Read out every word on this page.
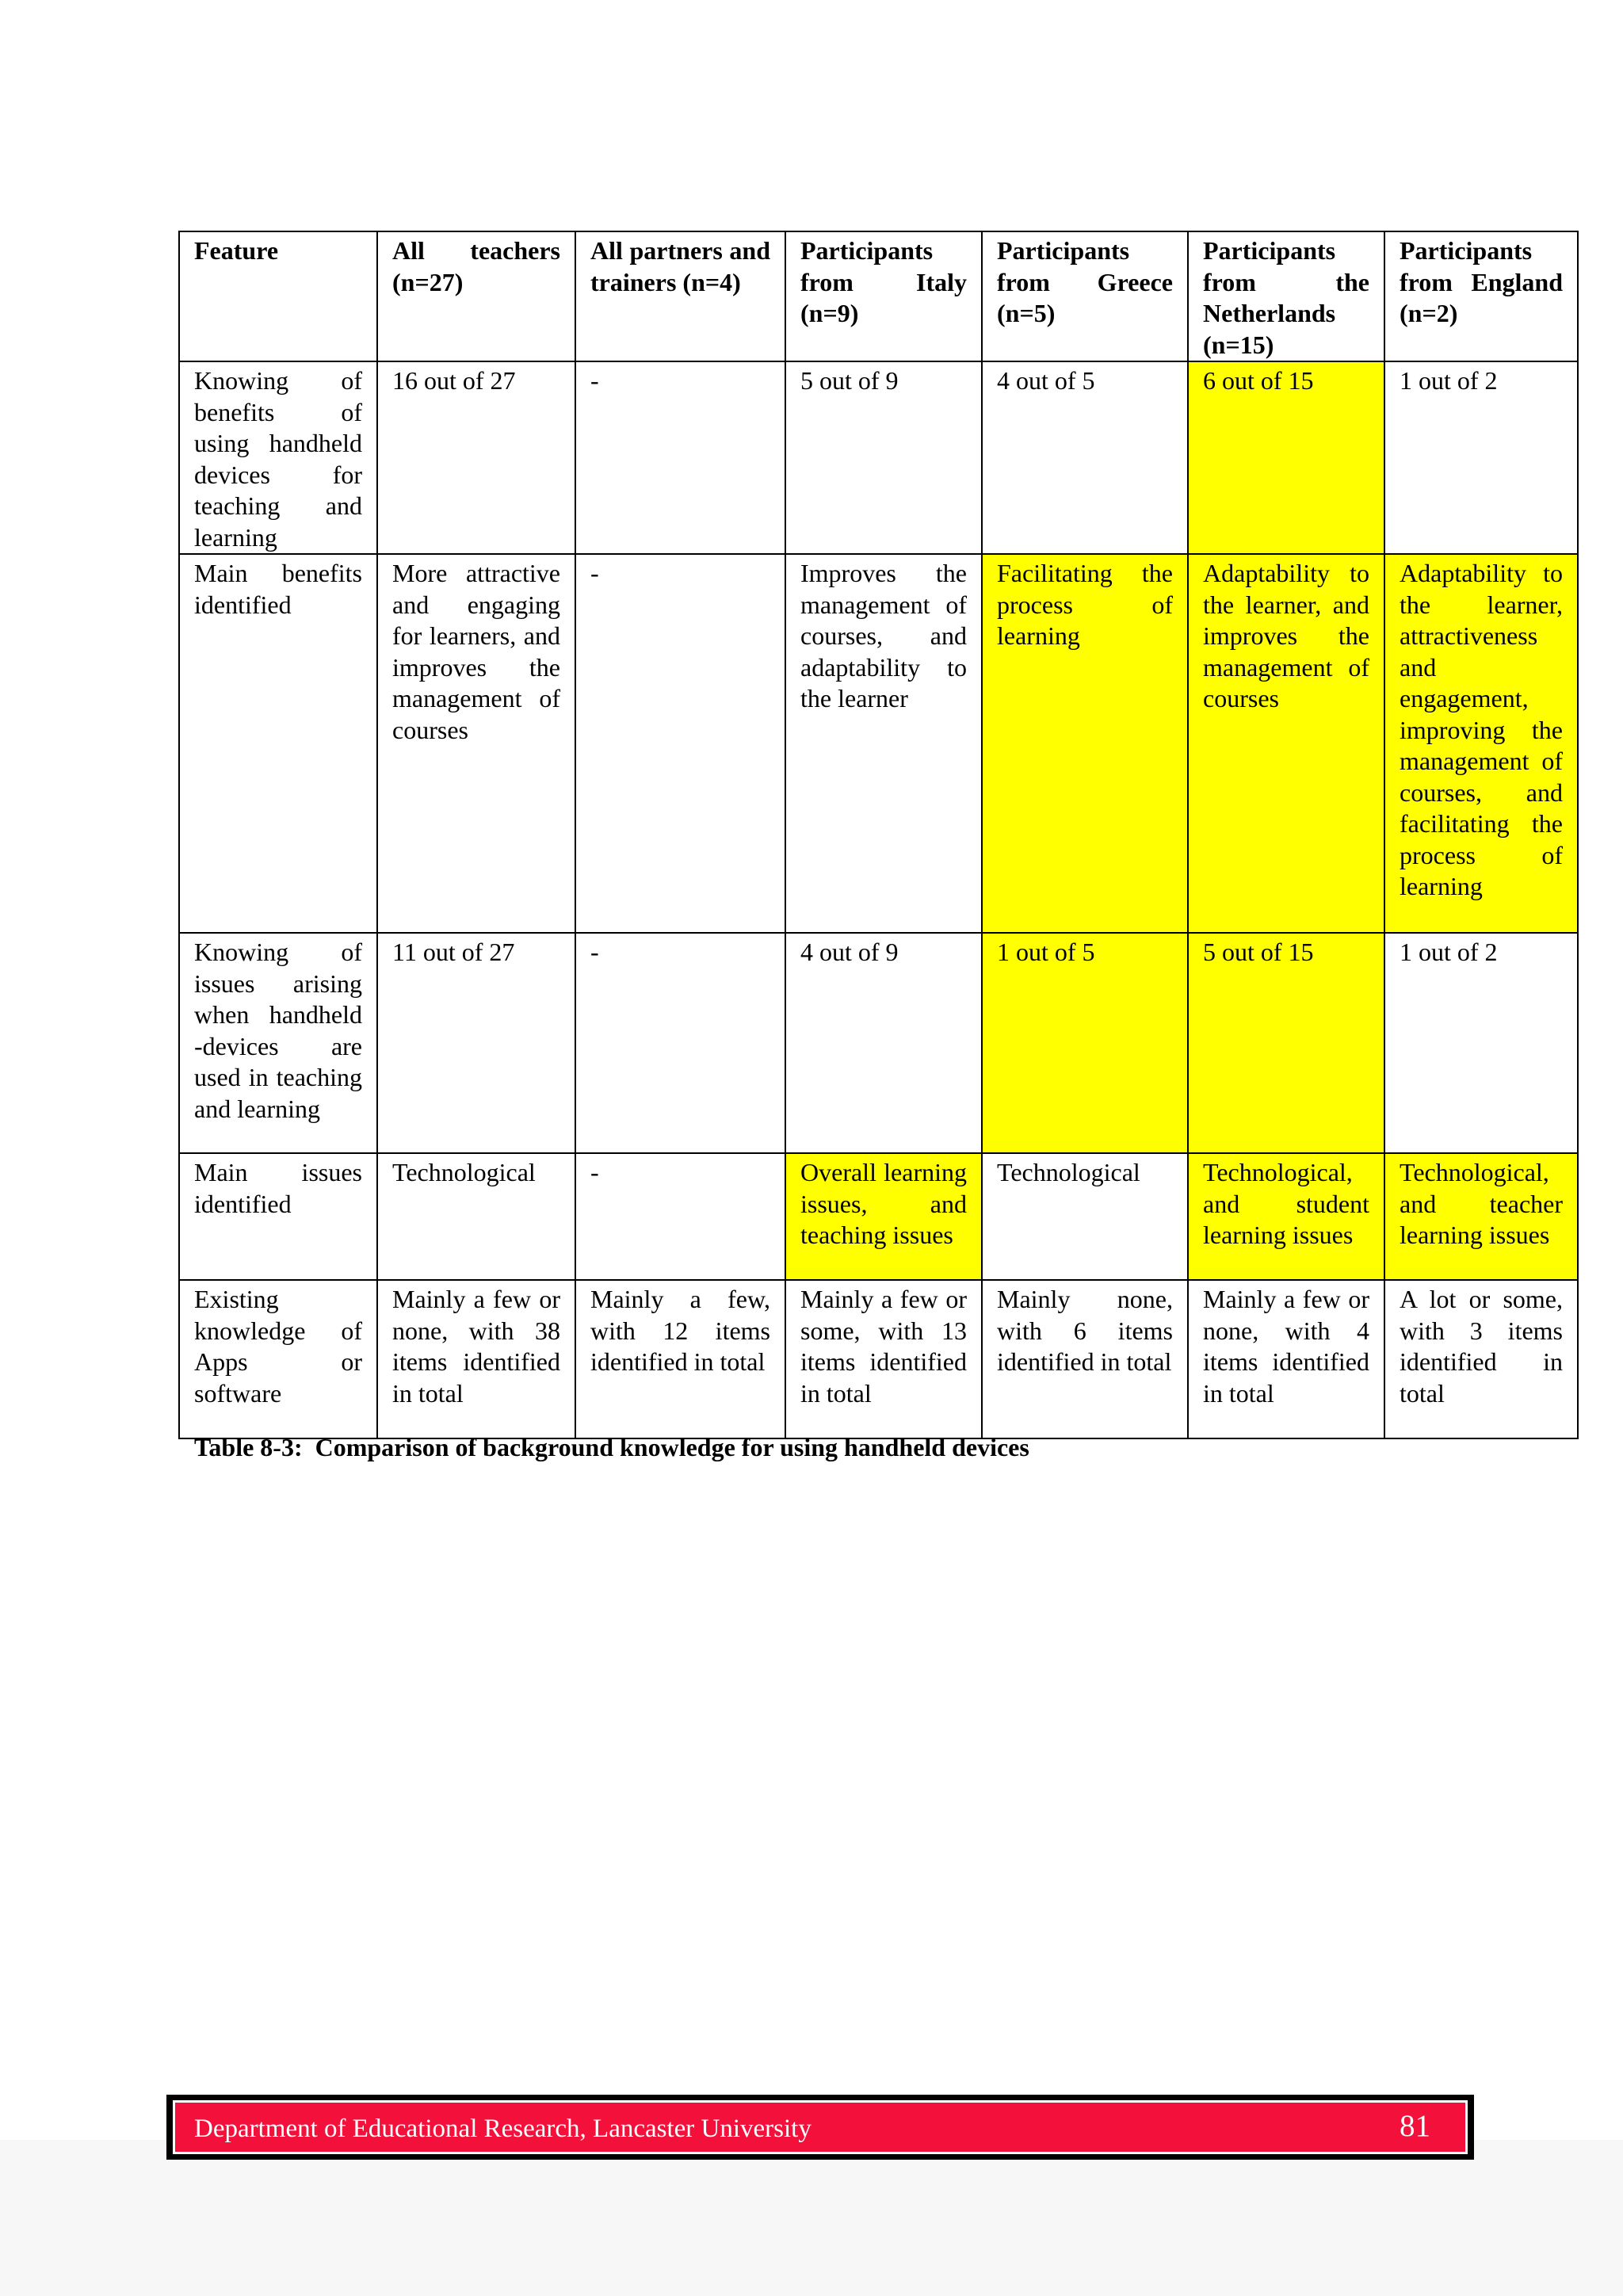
Feature	All teachers (n=27)	All partners and trainers (n=4)	Participants from Italy (n=9)	Participants from Greece (n=5)	Participants from the Netherlands (n=15)	Participants from England (n=2)
Knowing of benefits of using handheld devices for teaching and learning	16 out of 27	-	5 out of 9	4 out of 5	6 out of 15	1 out of 2
Main benefits identified	More attractive and engaging for learners, and improves the management of courses	-	Improves the management of courses, and adaptability to the learner	Facilitating the process of learning	Adaptability to the learner, and improves the management of courses	Adaptability to the learner, attractiveness and engagement, improving the management of courses, and facilitating the process of learning
Knowing of issues arising when handheld -devices are used in teaching and learning	11 out of 27	-	4 out of 9	1 out of 5	5 out of 15	1 out of 2
Main issues identified	Technological	-	Overall learning issues, and teaching issues	Technological	Technological, and student learning issues	Technological, and teacher learning issues
Existing knowledge of Apps or software	Mainly a few or none, with 38 items identified in total	Mainly a few, with 12 items identified in total	Mainly a few or some, with 13 items identified in total	Mainly none, with 6 items identified in total	Mainly a few or none, with 4 items identified in total	A lot or some, with 3 items identified in total
Table 8-3:  Comparison of background knowledge for using handheld devices
Department of Educational Research, Lancaster University	81
